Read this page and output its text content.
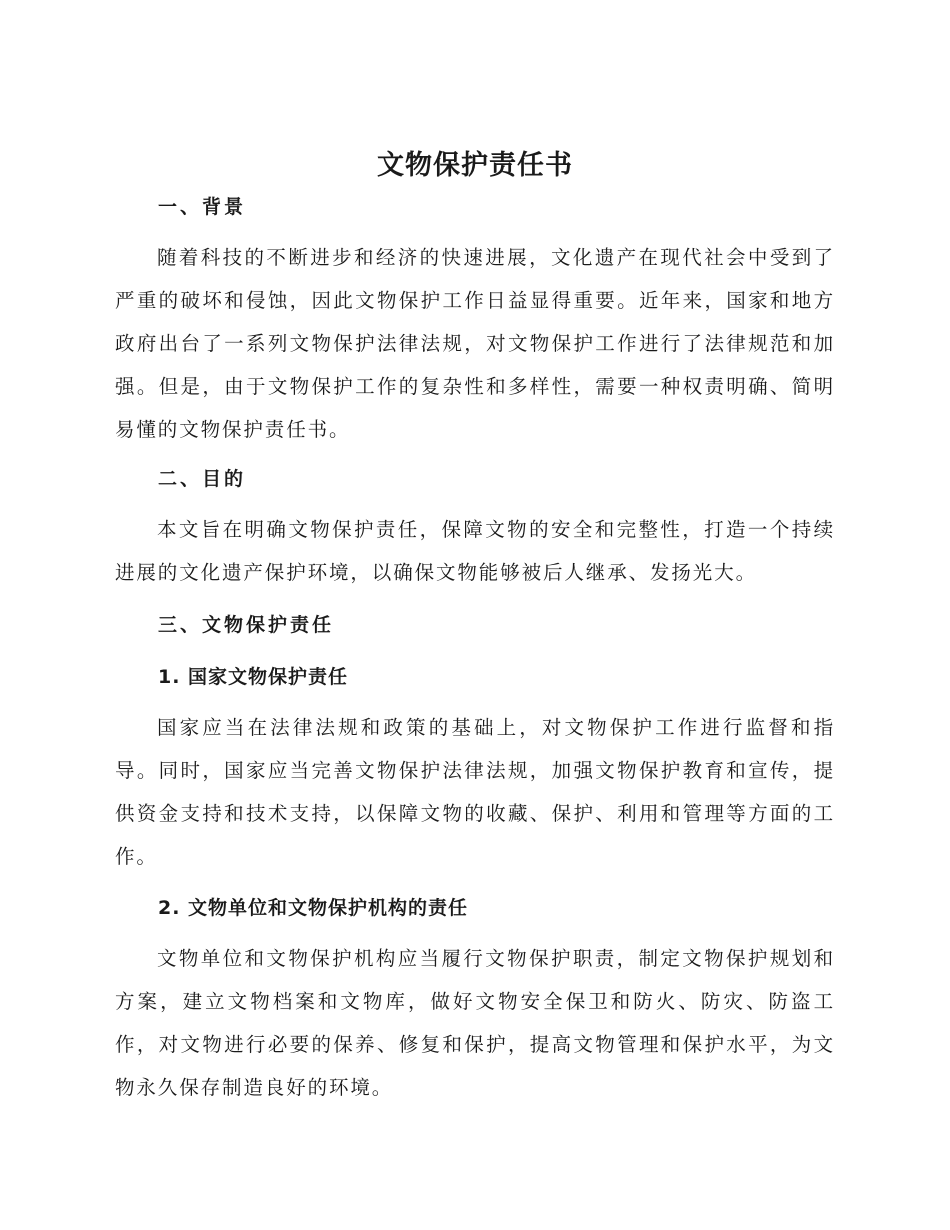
文物保护责任书
一、背景

随着科技的不断进步和经济的快速进展，文化遗产在现代社会中受到了严重的破坏和侵蚀，因此文物保护工作日益显得重要。近年来，国家和地方政府出台了一系列文物保护法律法规，对文物保护工作进行了法律规范和加强。但是，由于文物保护工作的复杂性和多样性，需要一种权责明确、简明易懂的文物保护责任书。

二、目的

本文旨在明确文物保护责任，保障文物的安全和完整性，打造一个持续进展的文化遗产保护环境，以确保文物能够被后人继承、发扬光大。

三、文物保护责任
1. 国家文物保护责任

国家应当在法律法规和政策的基础上，对文物保护工作进行监督和指导。同时，国家应当完善文物保护法律法规，加强文物保护教育和宣传，提供资金支持和技术支持，以保障文物的收藏、保护、利用和管理等方面的工作。

2. 文物单位和文物保护机构的责任

文物单位和文物保护机构应当履行文物保护职责，制定文物保护规划和方案，建立文物档案和文物库，做好文物安全保卫和防火、防灾、防盗工作，对文物进行必要的保养、修复和保护，提高文物管理和保护水平，为文物永久保存制造良好的环境。
